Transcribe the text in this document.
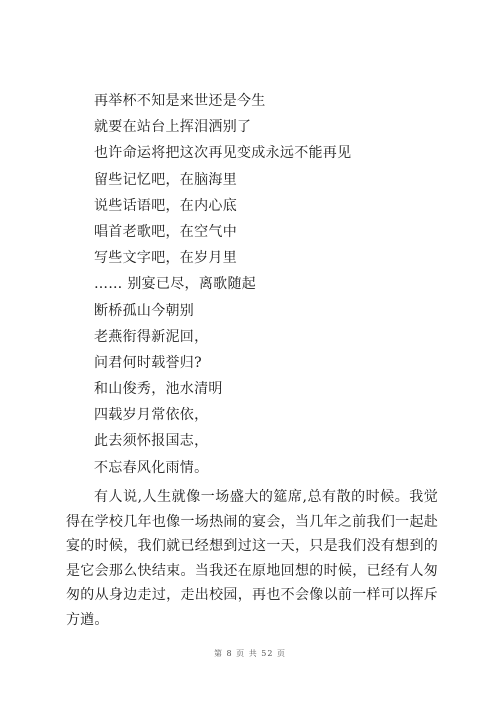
再举杯不知是来世还是今生
就要在站台上挥泪洒别了
也许命运将把这次再见变成永远不能再见
留些记忆吧，在脑海里
说些话语吧，在内心底
唱首老歌吧，在空气中
写些文字吧，在岁月里
…… 别宴已尽，离歌随起
断桥孤山今朝别
老燕衔得新泥回，
问君何时载誉归?
和山俊秀，池水清明
四载岁月常依依，
此去须怀报国志，
不忘春风化雨情。

有人说,人生就像一场盛大的筵席,总有散的时候。我觉得在学校几年也像一场热闹的宴会，当几年之前我们一起赴宴的时候，我们就已经想到过这一天，只是我们没有想到的是它会那么快结束。当我还在原地回想的时候，已经有人匆匆的从身边走过，走出校园，再也不会像以前一样可以挥斥方遒。

第 8 页 共 52 页
